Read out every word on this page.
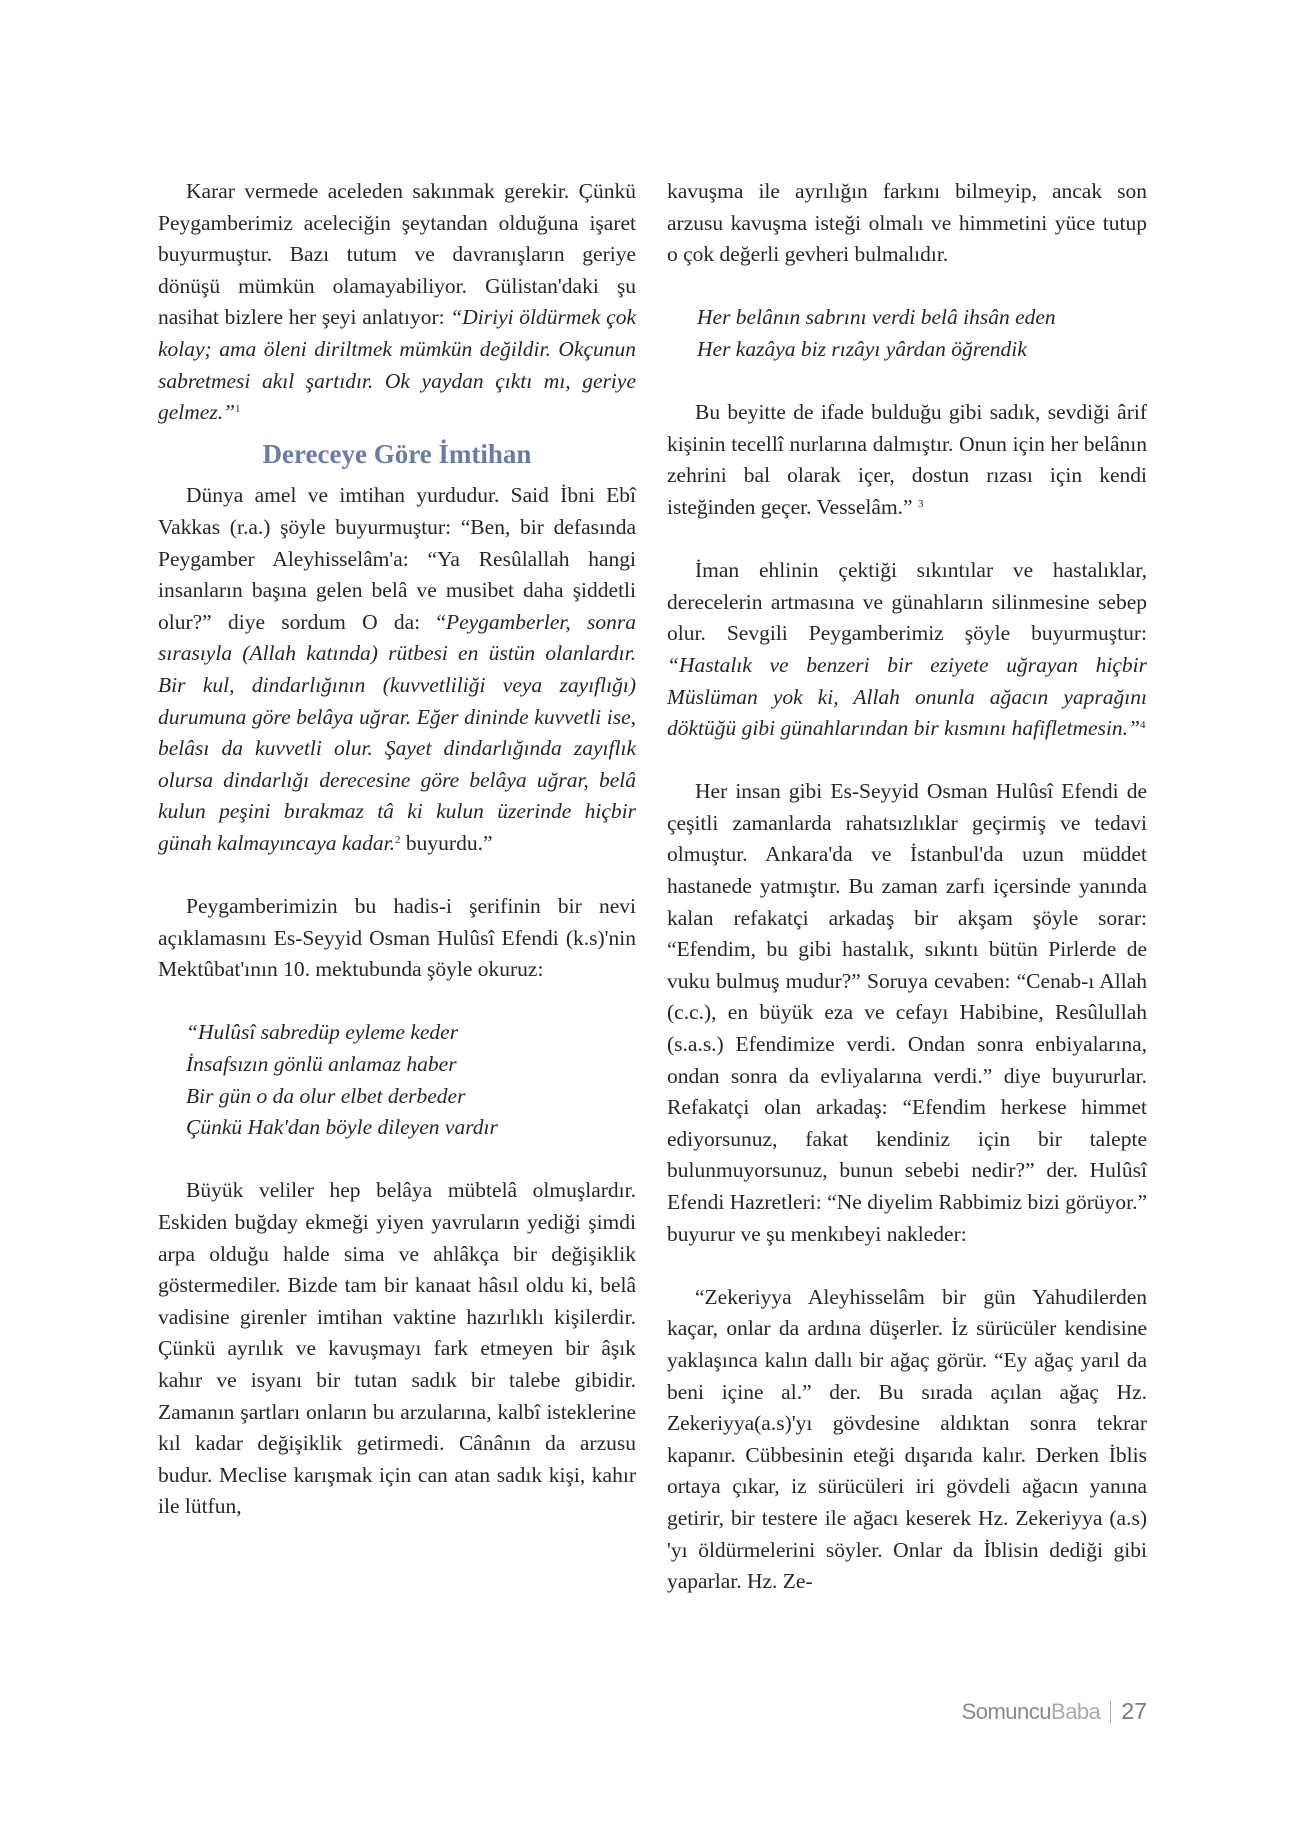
Karar vermede aceleden sakınmak gerekir. Çünkü Peygamberimiz aceleciğin şeytandan olduğuna işaret buyurmuştur. Bazı tutum ve davranışların geriye dönüşü mümkün olamayabiliyor. Gülistan'daki şu nasihat bizlere her şeyi anlatıyor: “Diriyi öldürmek çok kolay; ama öleni diriltmek mümkün değildir. Okçunun sabretmesi akıl şartıdır. Ok yaydan çıktı mı, geriye gelmez.”$^1$

Dereceye Göre İmtihan

Dünya amel ve imtihan yurdudur. Said İbni Ebî Vakkas (r.a.) şöyle buyurmuştur: “Ben, bir defasında Peygamber Aleyhisselâm'a: “Ya Resûlallah hangi insanların başına gelen belâ ve musibet daha şiddetli olur?” diye sordum O da: “Peygamberler, sonra sırasıyla (Allah katında) rütbesi en üstün olanlardır. Bir kul, dindarlığının (kuvvetliliği veya zayıflığı) durumuna göre belâya uğrar. Eğer dininde kuvvetli ise, belâsı da kuvvetli olur. Şayet dindarlığında zayıflık olursa dindarlığı derecesine göre belâya uğrar, belâ kulun peşini bırakmaz tâ ki kulun üzerinde hiçbir günah kalmayıncaya kadar.$^2$ buyurdu.”

Peygamberimizin bu hadis-i şerifinin bir nevi açıklamasını Es-Seyyid Osman Hulûsî Efendi (k.s)'nin Mektûbat'ının 10. mektubunda şöyle okuruz:

“Hulûsî sabredüp eyleme keder
İnsafsızın gönlü anlamaz haber
Bir gün o da olur elbet derbeder
Çünkü Hak'dan böyle dileyen vardır

Büyük veliler hep belâya mübtelâ olmuşlardır. Eskiden buğday ekmeği yiyen yavruların yediği şimdi arpa olduğu halde sima ve ahlâkça bir değişiklik göstermediler. Bizde tam bir kanaat hâsıl oldu ki, belâ vadisine girenler imtihan vaktine hazırlıklı kişilerdir. Çünkü ayrılık ve kavuşmayı fark etmeyen bir âşık kahır ve isyanı bir tutan sadık bir talebe gibidir. Zamanın şartları onların bu arzularına, kalbî isteklerine kıl kadar değişiklik getirmedi. Cânânın da arzusu budur. Meclise karışmak için can atan sadık kişi, kahır ile lütfun,

kavuşma ile ayrılığın farkını bilmeyip, ancak son arzusu kavuşma isteği olmalı ve himmetini yüce tutup o çok değerli gevheri bulmalıdır.

Her belânın sabrını verdi belâ ihsân eden
Her kazâya biz rızâyı yârdan öğrendik

Bu beyitte de ifade bulduğu gibi sadık, sevdiği ârif kişinin tecellî nurlarına dalmıştır. Onun için her belânın zehrini bal olarak içer, dostun rızası için kendi isteğinden geçer. Vesselâm.” $^3$

İman ehlinin çektiği sıkıntılar ve hastalıklar, derecelerin artmasına ve günahların silinmesine sebep olur. Sevgili Peygamberimiz şöyle buyurmuştur: “Hastalık ve benzeri bir eziyete uğrayan hiçbir Müslüman yok ki, Allah onunla ağacın yaprağını döktüğü gibi günahlarından bir kısmını hafifletmesin.”$^4$

Her insan gibi Es-Seyyid Osman Hulûsî Efendi de çeşitli zamanlarda rahatsızlıklar geçirmiş ve tedavi olmuştur. Ankara'da ve İstanbul'da uzun müddet hastanede yatmıştır. Bu zaman zarfı içersinde yanında kalan refakatçi arkadaş bir akşam şöyle sorar: “Efendim, bu gibi hastalık, sıkıntı bütün Pirlerde de vuku bulmuş mudur?” Soruya cevaben: “Cenab-ı Allah (c.c.), en büyük eza ve cefayı Habibine, Resûlullah (s.a.s.) Efendimize verdi. Ondan sonra enbiyalarına, ondan sonra da evliyalarına verdi.” diye buyururlar. Refakatçi olan arkadaş: “Efendim herkese himmet ediyorsunuz, fakat kendiniz için bir talepte bulunmuyorsunuz, bunun sebebi nedir?” der. Hulûsî Efendi Hazretleri: “Ne diyelim Rabbimiz bizi görüyor.” buyurur ve şu menkıbeyi nakleder:

“Zekeriyya Aleyhisselâm bir gün Yahudilerden kaçar, onlar da ardına düşerler. İz sürücüler kendisine yaklaşınca kalın dallı bir ağaç görür. “Ey ağaç yarıl da beni içine al.” der. Bu sırada açılan ağaç Hz. Zekeriyya(a.s)'yı gövdesine aldıktan sonra tekrar kapanır. Cübbesinin eteği dışarıda kalır. Derken İblis ortaya çıkar, iz sürücüleri iri gövdeli ağacın yanına getirir, bir testere ile ağacı keserek Hz. Zekeriyya (a.s) 'yı öldürmelerini söyler. Onlar da İblisin dediği gibi yaparlar. Hz. Ze-

Somuncu Baba 27
